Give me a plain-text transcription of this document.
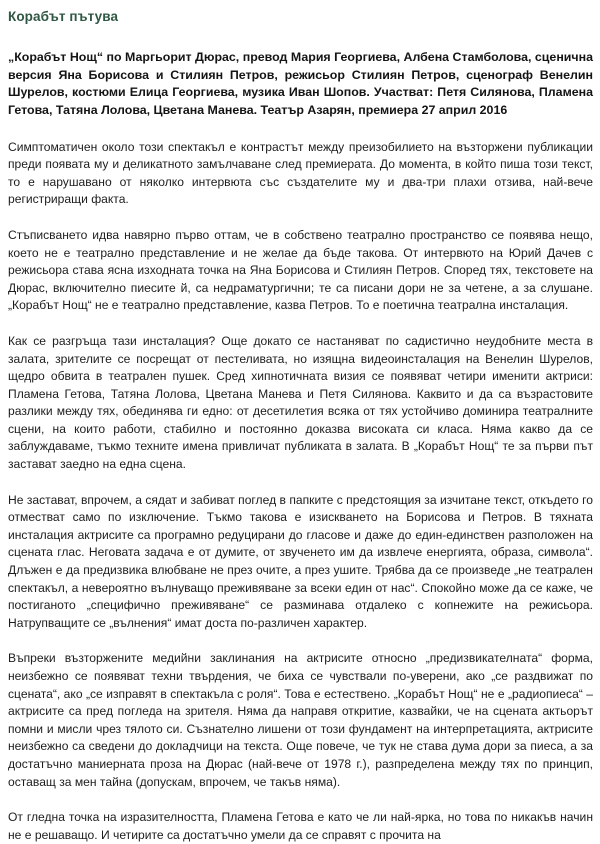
Корабът пътува

„Корабът Нощ“ по Маргьорит Дюрас, превод Мария Георгиева, Албена Стамболова, сценична версия Яна Борисова и Стилиян Петров, режисьор Стилиян Петров, сценограф Венелин Шурелов, костюми Елица Георгиева, музика Иван Шопов. Участват: Петя Силянова, Пламена Гетова, Татяна Лолова, Цветана Манева. Театър Азарян, премиера 27 април 2016

Симптоматичен около този спектакъл е контрастът между преизобилието на възторжени публикации преди появата му и деликатното замълчаване след премиерата. До момента, в който пиша този текст, то е нарушавано от няколко интервюта със създателите му и два-три плахи отзива, най-вече регистриращи факта.

Стъписването идва навярно първо оттам, че в собствено театрално пространство се появява нещо, което не е театрално представление и не желае да бъде такова. От интервюто на Юрий Дачев с режисьора става ясна изходната точка на Яна Борисова и Стилиян Петров. Според тях, текстовете на Дюрас, включително пиесите й, са недраматургични; те са писани дори не за четене, а за слушане. „Корабът Нощ“ не е театрално представление, казва Петров. То е поетична театрална инсталация.

Как се разгръща тази инсталация? Още докато се настаняват по садистично неудобните места в залата, зрителите се посрещат от пестеливата, но изящна видеоинсталация на Венелин Шурелов, щедро обвита в театрален пушек. Сред хипнотичната визия се появяват четири именити актриси: Пламена Гетова, Татяна Лолова, Цветана Манева и Петя Силянова. Каквито и да са възрастовите разлики между тях, обединява ги едно: от десетилетия всяка от тях устойчиво доминира театралните сцени, на които работи, стабилно и постоянно доказва високата си класа. Няма какво да се заблуждаваме, тъкмо техните имена привличат публиката в залата. В „Корабът Нощ“ те за първи път застават заедно на една сцена.

Не застават, впрочем, а сядат и забиват поглед в папките с предстоящия за изчитане текст, откъдето го отместват само по изключение. Тъкмо такова е изискването на Борисова и Петров. В тяхната инсталация актрисите са програмно редуцирани до гласове и даже до един-единствен разположен на сцената глас. Неговата задача е от думите, от звученето им да извлече енергията, образа, символа“. Длъжен е да предизвика влюбване не през очите, а през ушите. Трябва да се произведе „не театрален спектакъл, а невероятно вълнуващо преживяване за всеки един от нас“. Спокойно може да се каже, че постиганото „специфично преживяване“ се разминава отдалеко с копнежите на режисьора. Натрупващите се „вълнения“ имат доста по-различен характер.

Въпреки възторжените медийни заклинания на актрисите относно „предизвикателната“ форма, неизбежно се появяват техни твърдения, че биха се чувствали по-уверени, ако „се раздвижат по сцената“, ако „се изправят в спектакъла с роля“. Това е естествено. „Корабът Нощ“ не е „радиопиеса“ – актрисите са пред погледа на зрителя. Няма да направя откритие, казвайки, че на сцената актьорът помни и мисли чрез тялото си. Съзнателно лишени от този фундамент на интерпретацията, актрисите неизбежно са сведени до докладчици на текста. Още повече, че тук не става дума дори за пиеса, а за достатъчно маниерната проза на Дюрас (най-вече от 1978 г.), разпределена между тях по принцип, оставащ за мен тайна (допускам, впрочем, че такъв няма).

От гледна точка на изразителността, Пламена Гетова е като че ли най-ярка, но това по никакъв начин не е решаващо. И четирите са достатъчно умели да се справят с прочита на
